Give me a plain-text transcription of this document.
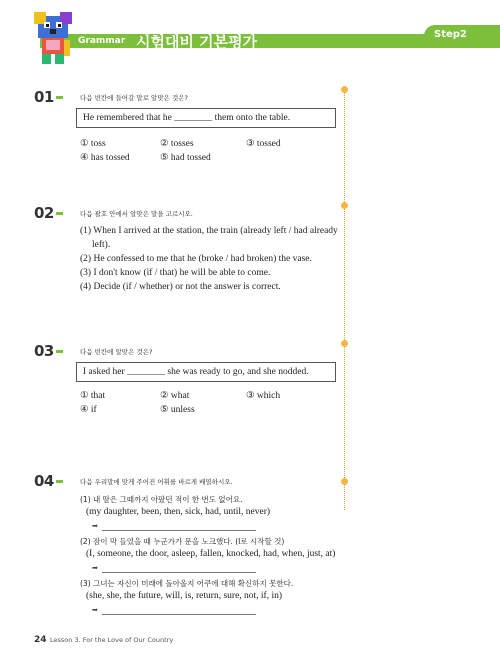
Grammar 시험대비 기본평가	Step2
01	다음 빈칸에 들어갈 말로 알맞은 것은?
He remembered that he ________ them onto the table.
① toss	② tosses	③ tossed
④ has tossed	⑤ had tossed
02	다음 괄호 안에서 알맞은 말을 고르시오.
(1) When I arrived at the station, the train (already left / had already
left).
(2) He confessed to me that he (broke / had broken) the vase.
(3) I don't know (if / that) he will be able to come.
(4) Decide (if / whether) or not the answer is correct.
03	다음 빈칸에 알맞은 것은?
I asked her ________ she was ready to go, and she nodded.
① that	② what	③ which
④ if	⑤ unless
04	다음 우리말에 맞게 주어진 어휘를 바르게 배열하시오.
(1) 내 딸은 그때까지 아팠던 적이 한 번도 없어요.
(my daughter, been, then, sick, had, until, never)
➡
(2) 잠이 막 들었을 때 누군가가 문을 노크했다. (I로 시작할 것)
(I, someone, the door, asleep, fallen, knocked, had, when, just, at)
➡
(3) 그녀는 자신이 미래에 돌아올지 어쿠에 대해 확신하지 못한다.
(she, she, the future, will, is, return, sure, not, if, in)
➡
24 Lesson 3. For the Love of Our Country
